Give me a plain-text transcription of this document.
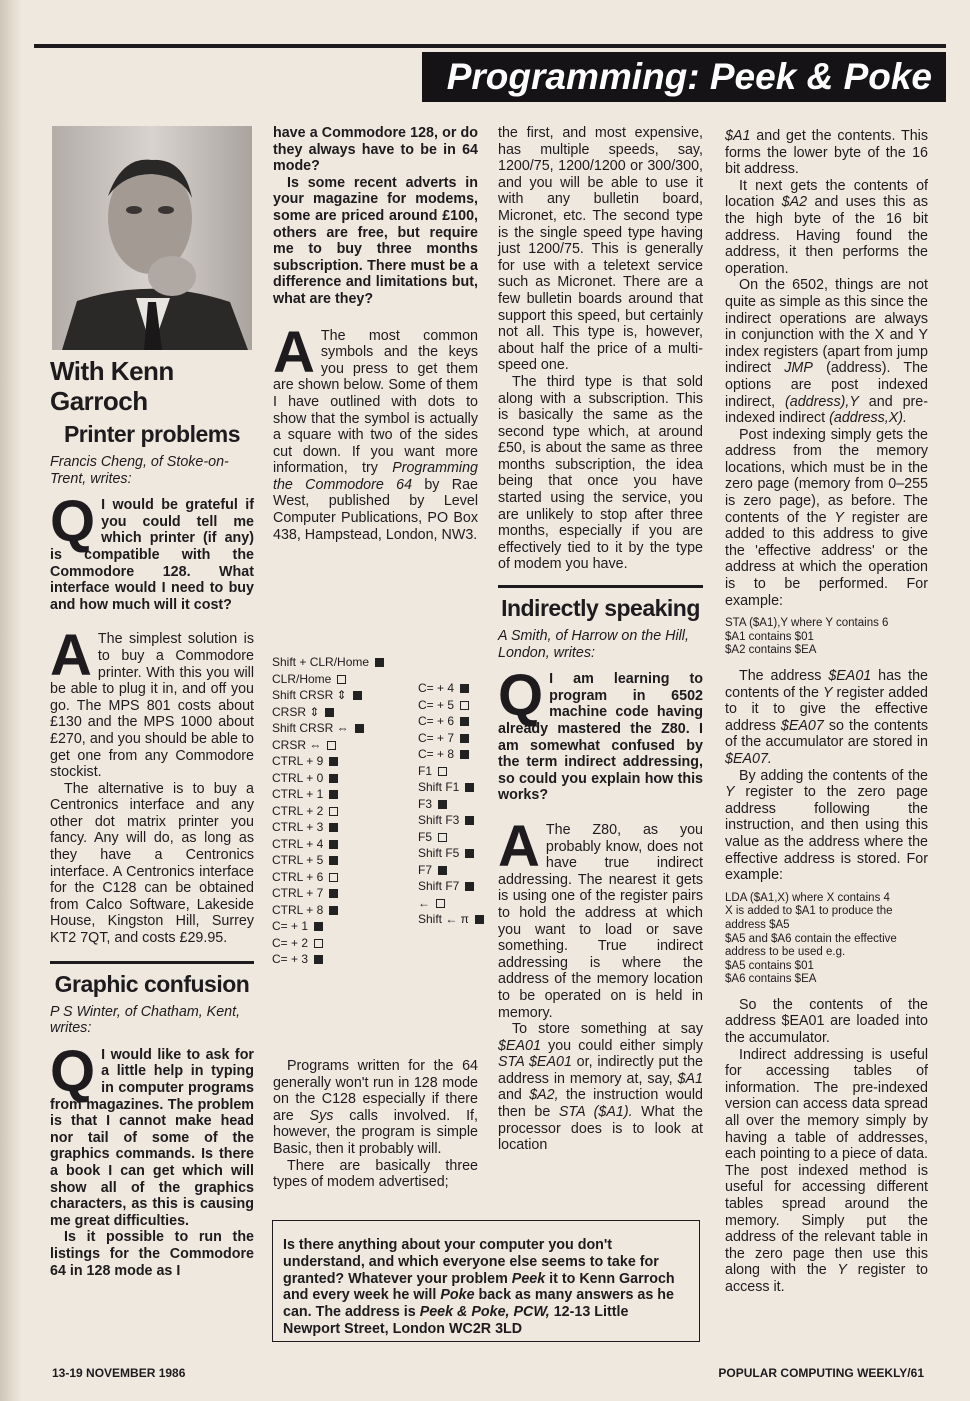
Programming: Peek & Poke
With Kenn Garroch
Printer problems

Francis Cheng, of Stoke-on-Trent, writes:

Q I would be grateful if you could tell me which printer (if any) is compatible with the Commodore 128. What interface would I need to buy and how much will it cost?

A The simplest solution is to buy a Commodore printer. With this you will be able to plug it in, and off you go. The MPS 801 costs about £130 and the MPS 1000 about £270, and you should be able to get one from any Commodore stockist.

The alternative is to buy a Centronics interface and any other dot matrix printer you fancy. Any will do, as long as they have a Centronics interface. A Centronics interface for the C128 can be obtained from Calco Software, Lakeside House, Kingston Hill, Surrey KT2 7QT, and costs £29.95.

Graphic confusion

P S Winter, of Chatham, Kent, writes:

Q I would like to ask for a little help in typing in computer programs from magazines. The problem is that I cannot make head nor tail of some of the graphics commands. Is there a book I can get which will show all of the graphics characters, as this is causing me great difficulties.

Is it possible to run the listings for the Commodore 64 in 128 mode as I

have a Commodore 128, or do they always have to be in 64 mode?

Is some recent adverts in your magazine for modems, some are priced around £100, others are free, but require me to buy three months subscription. There must be a difference and limitations but, what are they?

A The most common symbols and the keys you press to get them are shown below. Some of them I have outlined with dots to show that the symbol is actually a square with two of the sides cut down. If you want more information, try Programming the Commodore 64 by Rae West, published by Level Computer Publications, PO Box 438, Hampstead, London, NW3.

Shift + CLR/Home
CLR/Home
Shift CRSR ⇕
CRSR ⇕
Shift CRSR ⇔
CRSR ⇔
CTRL + 9
CTRL + 0
CTRL + 1
CTRL + 2
CTRL + 3
CTRL + 4
CTRL + 5
CTRL + 6
CTRL + 7
CTRL + 8
C= + 1
C= + 2
C= + 3
C= + 4
C= + 5
C= + 6
C= + 7
C= + 8
F1
Shift F1
F3
Shift F3
F5
Shift F5
F7
Shift F7
←
Shift ← π

Programs written for the 64 generally won't run in 128 mode on the C128 especially if there are Sys calls involved. If, however, the program is simple Basic, then it probably will.

There are basically three types of modem advertised;

the first, and most expensive, has multiple speeds, say, 1200/75, 1200/1200 or 300/300, and you will be able to use it with any bulletin board, Micronet, etc. The second type is the single speed type having just 1200/75. This is generally for use with a teletext service such as Micronet. There are a few bulletin boards around that support this speed, but certainly not all. This type is, however, about half the price of a multi-speed one.

The third type is that sold along with a subscription. This is basically the same as the second type which, at around £50, is about the same as three months subscription, the idea being that once you have started using the service, you are unlikely to stop after three months, especially if you are effectively tied to it by the type of modem you have.

Indirectly speaking

A Smith, of Harrow on the Hill, London, writes:

Q I am learning to program in 6502 machine code having already mastered the Z80. I am somewhat confused by the term indirect addressing, so could you explain how this works?

A The Z80, as you probably know, does not have true indirect addressing. The nearest it gets is using one of the register pairs to hold the address at which you want to load or save something. True indirect addressing is where the address of the memory location to be operated on is held in memory.

To store something at say $EA01 you could either simply STA $EA01 or, indirectly put the address in memory at, say, $A1 and $A2, the instruction would then be STA ($A1). What the processor does is to look at location

$A1 and get the contents. This forms the lower byte of the 16 bit address.

It next gets the contents of location $A2 and uses this as the high byte of the 16 bit address. Having found the address, it then performs the operation.

On the 6502, things are not quite as simple as this since the indirect operations are always in conjunction with the X and Y index registers (apart from jump indirect JMP (address). The options are post indexed indirect, (address),Y and pre-indexed indirect (address,X).

Post indexing simply gets the address from the memory locations, which must be in the zero page (memory from 0–255 is zero page), as before. The contents of the Y register are added to this address to give the 'effective address' or the address at which the operation is to be performed. For example:

STA ($A1),Y where Y contains 6

$A1 contains $01

$A2 contains $EA

The address $EA01 has the contents of the Y register added to it to give the effective address $EA07 so the contents of the accumulator are stored in $EA07.

By adding the contents of the Y register to the zero page address following the instruction, and then using this value as the address where the effective address is stored. For example:

LDA ($A1,X) where X contains 4

X is added to $A1 to produce the address $A5

$A5 and $A6 contain the effective address to be used e.g.

$A5 contains $01

$A6 contains $EA

So the contents of the address $EA01 are loaded into the accumulator.

Indirect addressing is useful for accessing tables of information. The pre-indexed version can access data spread all over the memory simply by having a table of addresses, each pointing to a piece of data. The post indexed method is useful for accessing different tables spread around the memory. Simply put the address of the relevant table in the zero page then use this along with the Y register to access it.

Is there anything about your computer you don't understand, and which everyone else seems to take for granted? Whatever your problem Peek it to Kenn Garroch and every week he will Poke back as many answers as he can. The address is Peek & Poke, PCW, 12-13 Little Newport Street, London WC2R 3LD
13-19 NOVEMBER 1986	POPULAR COMPUTING WEEKLY/61
